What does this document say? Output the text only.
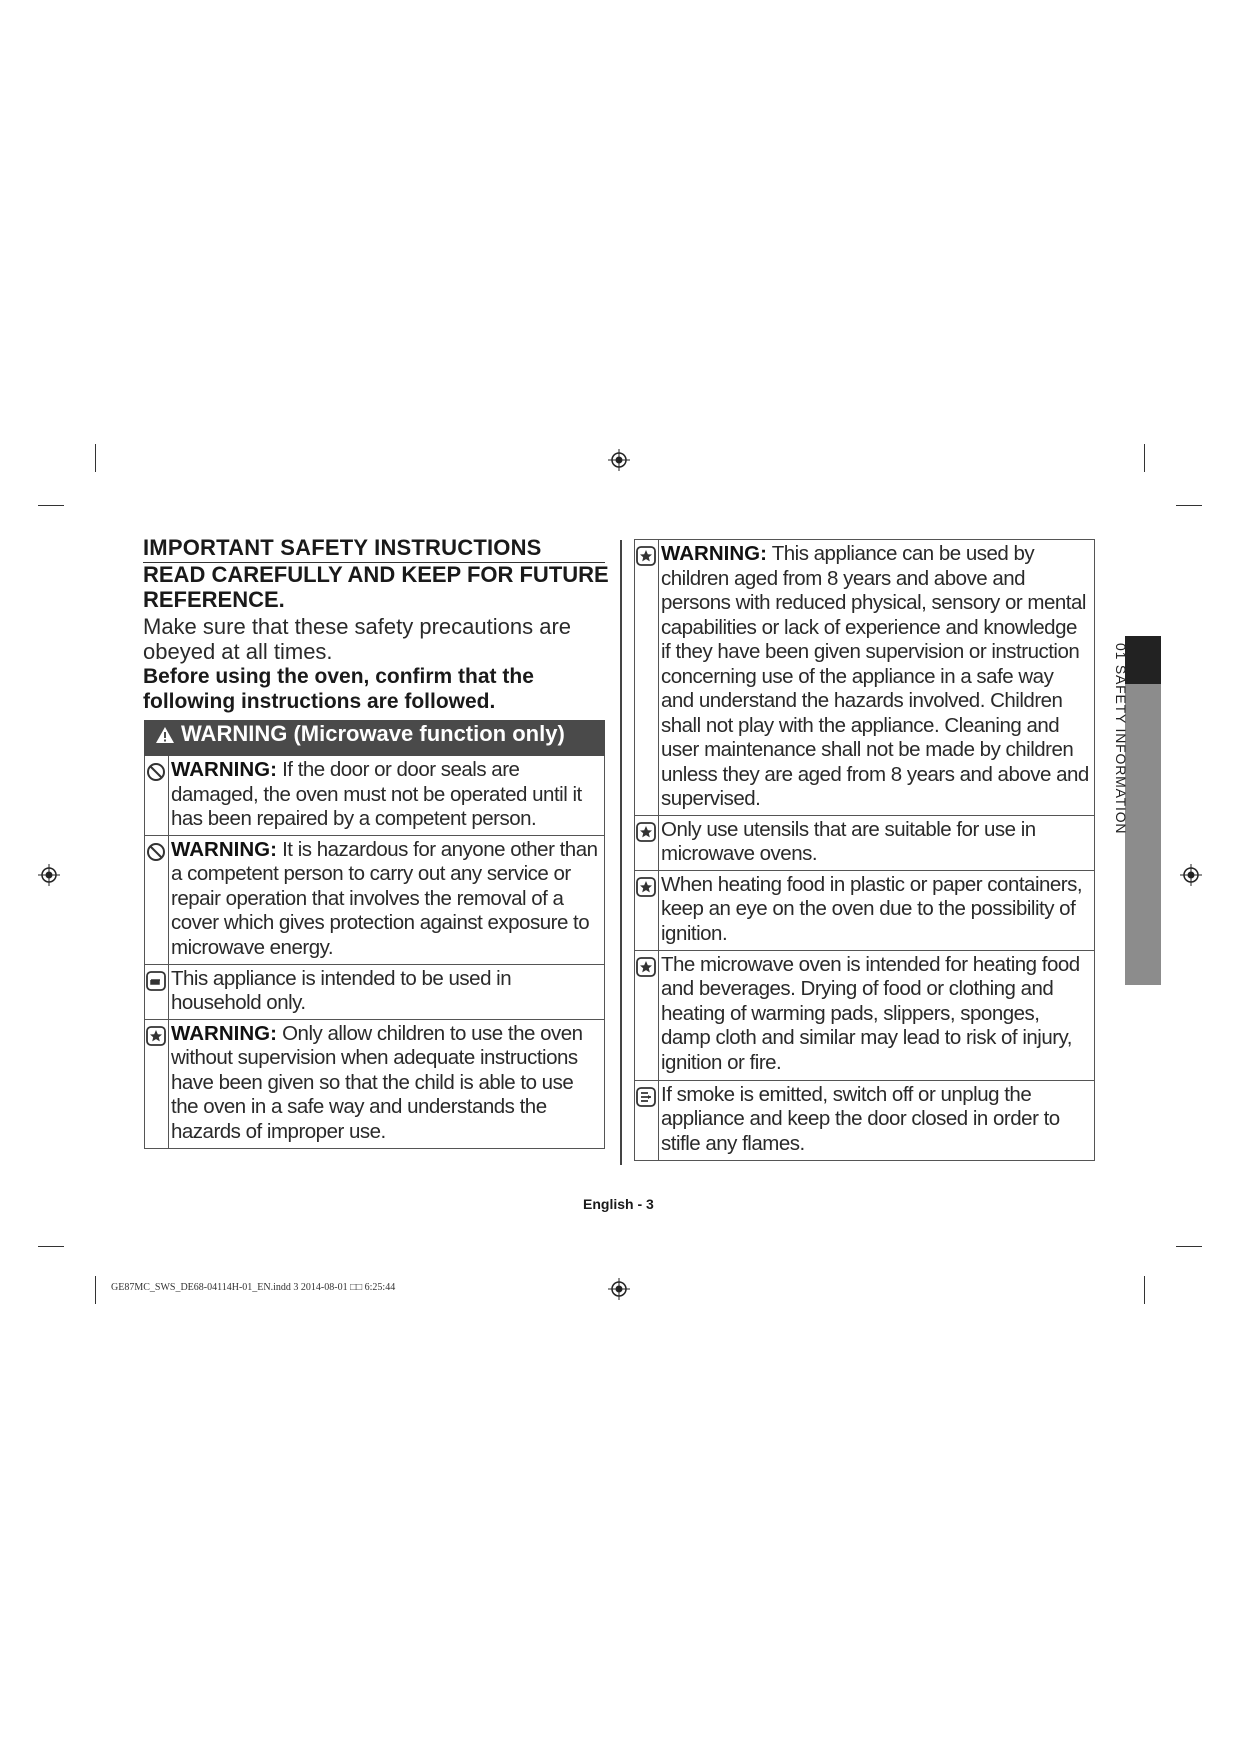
IMPORTANT SAFETY INSTRUCTIONS
READ CAREFULLY AND KEEP FOR FUTURE REFERENCE.
Make sure that these safety precautions are obeyed at all times.
Before using the oven, confirm that the following instructions are followed.
WARNING (Microwave function only)	
	WARNING: If the door or door seals are damaged, the oven must not be operated until it has been repaired by a competent person.
	WARNING: It is hazardous for anyone other than a competent person to carry out any service or repair operation that involves the removal of a cover which gives protection against exposure to microwave energy.
	This appliance is intended to be used in household only.
	WARNING: Only allow children to use the oven without supervision when adequate instructions have been given so that the child is able to use the oven in a safe way and understands the hazards of improper use.
	WARNING: This appliance can be used by children aged from 8 years and above and persons with reduced physical, sensory or mental capabilities or lack of experience and knowledge if they have been given supervision or instruction concerning use of the appliance in a safe way and understand the hazards involved. Children shall not play with the appliance. Cleaning and user maintenance shall not be made by children unless they are aged from 8 years and above and supervised.
	Only use utensils that are suitable for use in microwave ovens.
	When heating food in plastic or paper containers, keep an eye on the oven due to the possibility of ignition.
	The microwave oven is intended for heating food and beverages. Drying of food or clothing and heating of warming pads, slippers, sponges, damp cloth and similar may lead to risk of injury, ignition or fire.
	If smoke is emitted, switch off or unplug the appliance and keep the door closed in order to stifle any flames.
01 SAFETY INFORMATION
English - 3
GE87MC_SWS_DE68-04114H-01_EN.indd 3 2014-08-01 □□ 6:25:44
